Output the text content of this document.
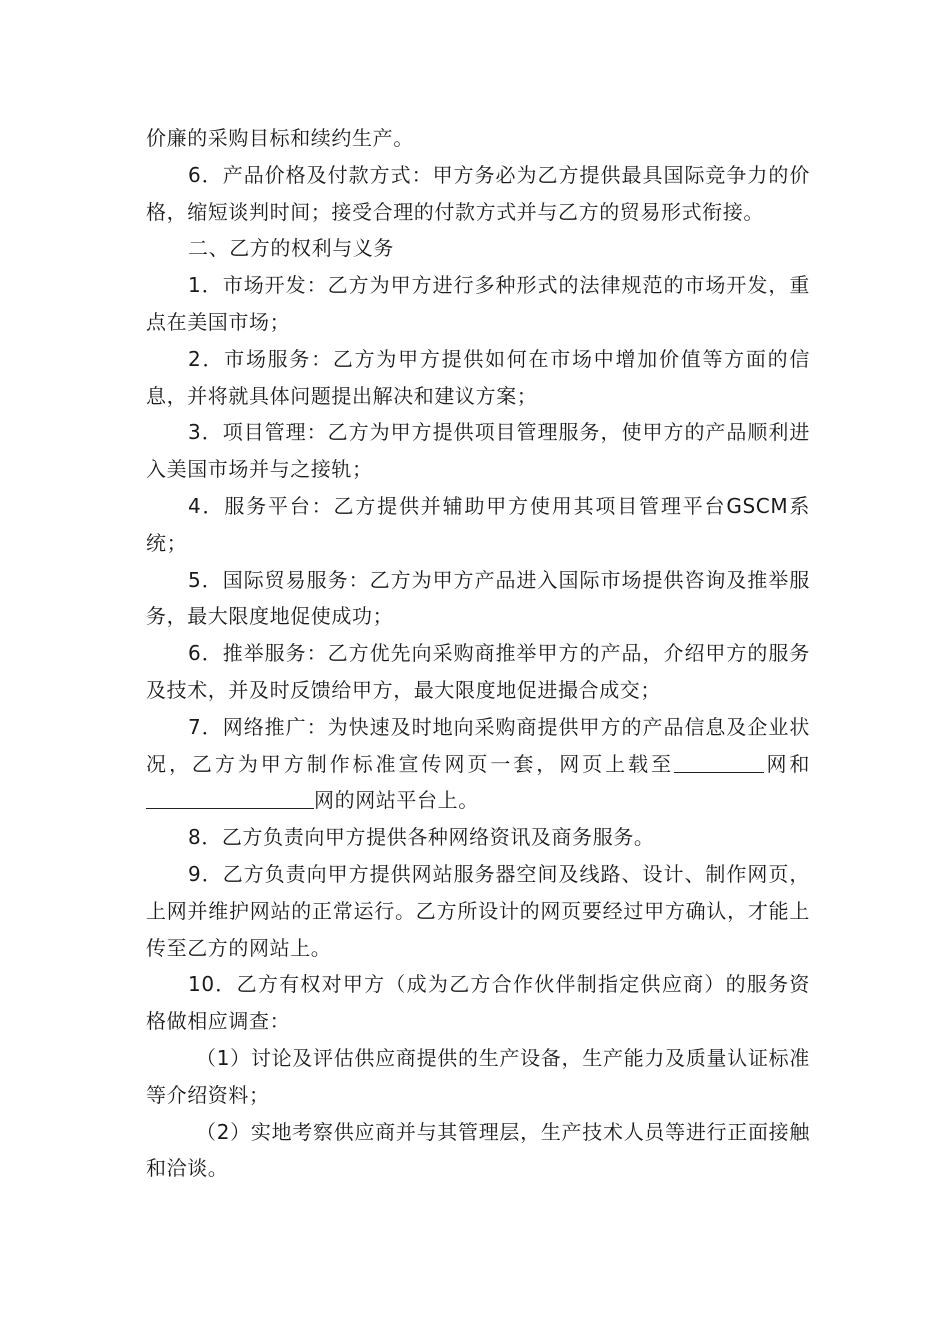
价廉的采购目标和续约生产。

6．产品价格及付款方式：甲方务必为乙方提供最具国际竞争力的价格，缩短谈判时间；接受合理的付款方式并与乙方的贸易形式衔接。

二、乙方的权利与义务

1．市场开发：乙方为甲方进行多种形式的法律规范的市场开发，重点在美国市场；

2．市场服务：乙方为甲方提供如何在市场中增加价值等方面的信息，并将就具体问题提出解决和建议方案；

3．项目管理：乙方为甲方提供项目管理服务，使甲方的产品顺利进入美国市场并与之接轨；

4．服务平台：乙方提供并辅助甲方使用其项目管理平台GSCM系统；

5．国际贸易服务：乙方为甲方产品进入国际市场提供咨询及推举服务，最大限度地促使成功；

6．推举服务：乙方优先向采购商推举甲方的产品，介绍甲方的服务及技术，并及时反馈给甲方，最大限度地促进撮合成交；

7．网络推广：为快速及时地向采购商提供甲方的产品信息及企业状况，乙方为甲方制作标准宣传网页一套，网页上载至	网和网的网站平台上。

8．乙方负责向甲方提供各种网络资讯及商务服务。

9．乙方负责向甲方提供网站服务器空间及线路、设计、制作网页，上网并维护网站的正常运行。乙方所设计的网页要经过甲方确认，才能上传至乙方的网站上。

10．乙方有权对甲方（成为乙方合作伙伴制指定供应商）的服务资格做相应调查：

（1）讨论及评估供应商提供的生产设备，生产能力及质量认证标准等介绍资料；

（2）实地考察供应商并与其管理层，生产技术人员等进行正面接触和洽谈。
